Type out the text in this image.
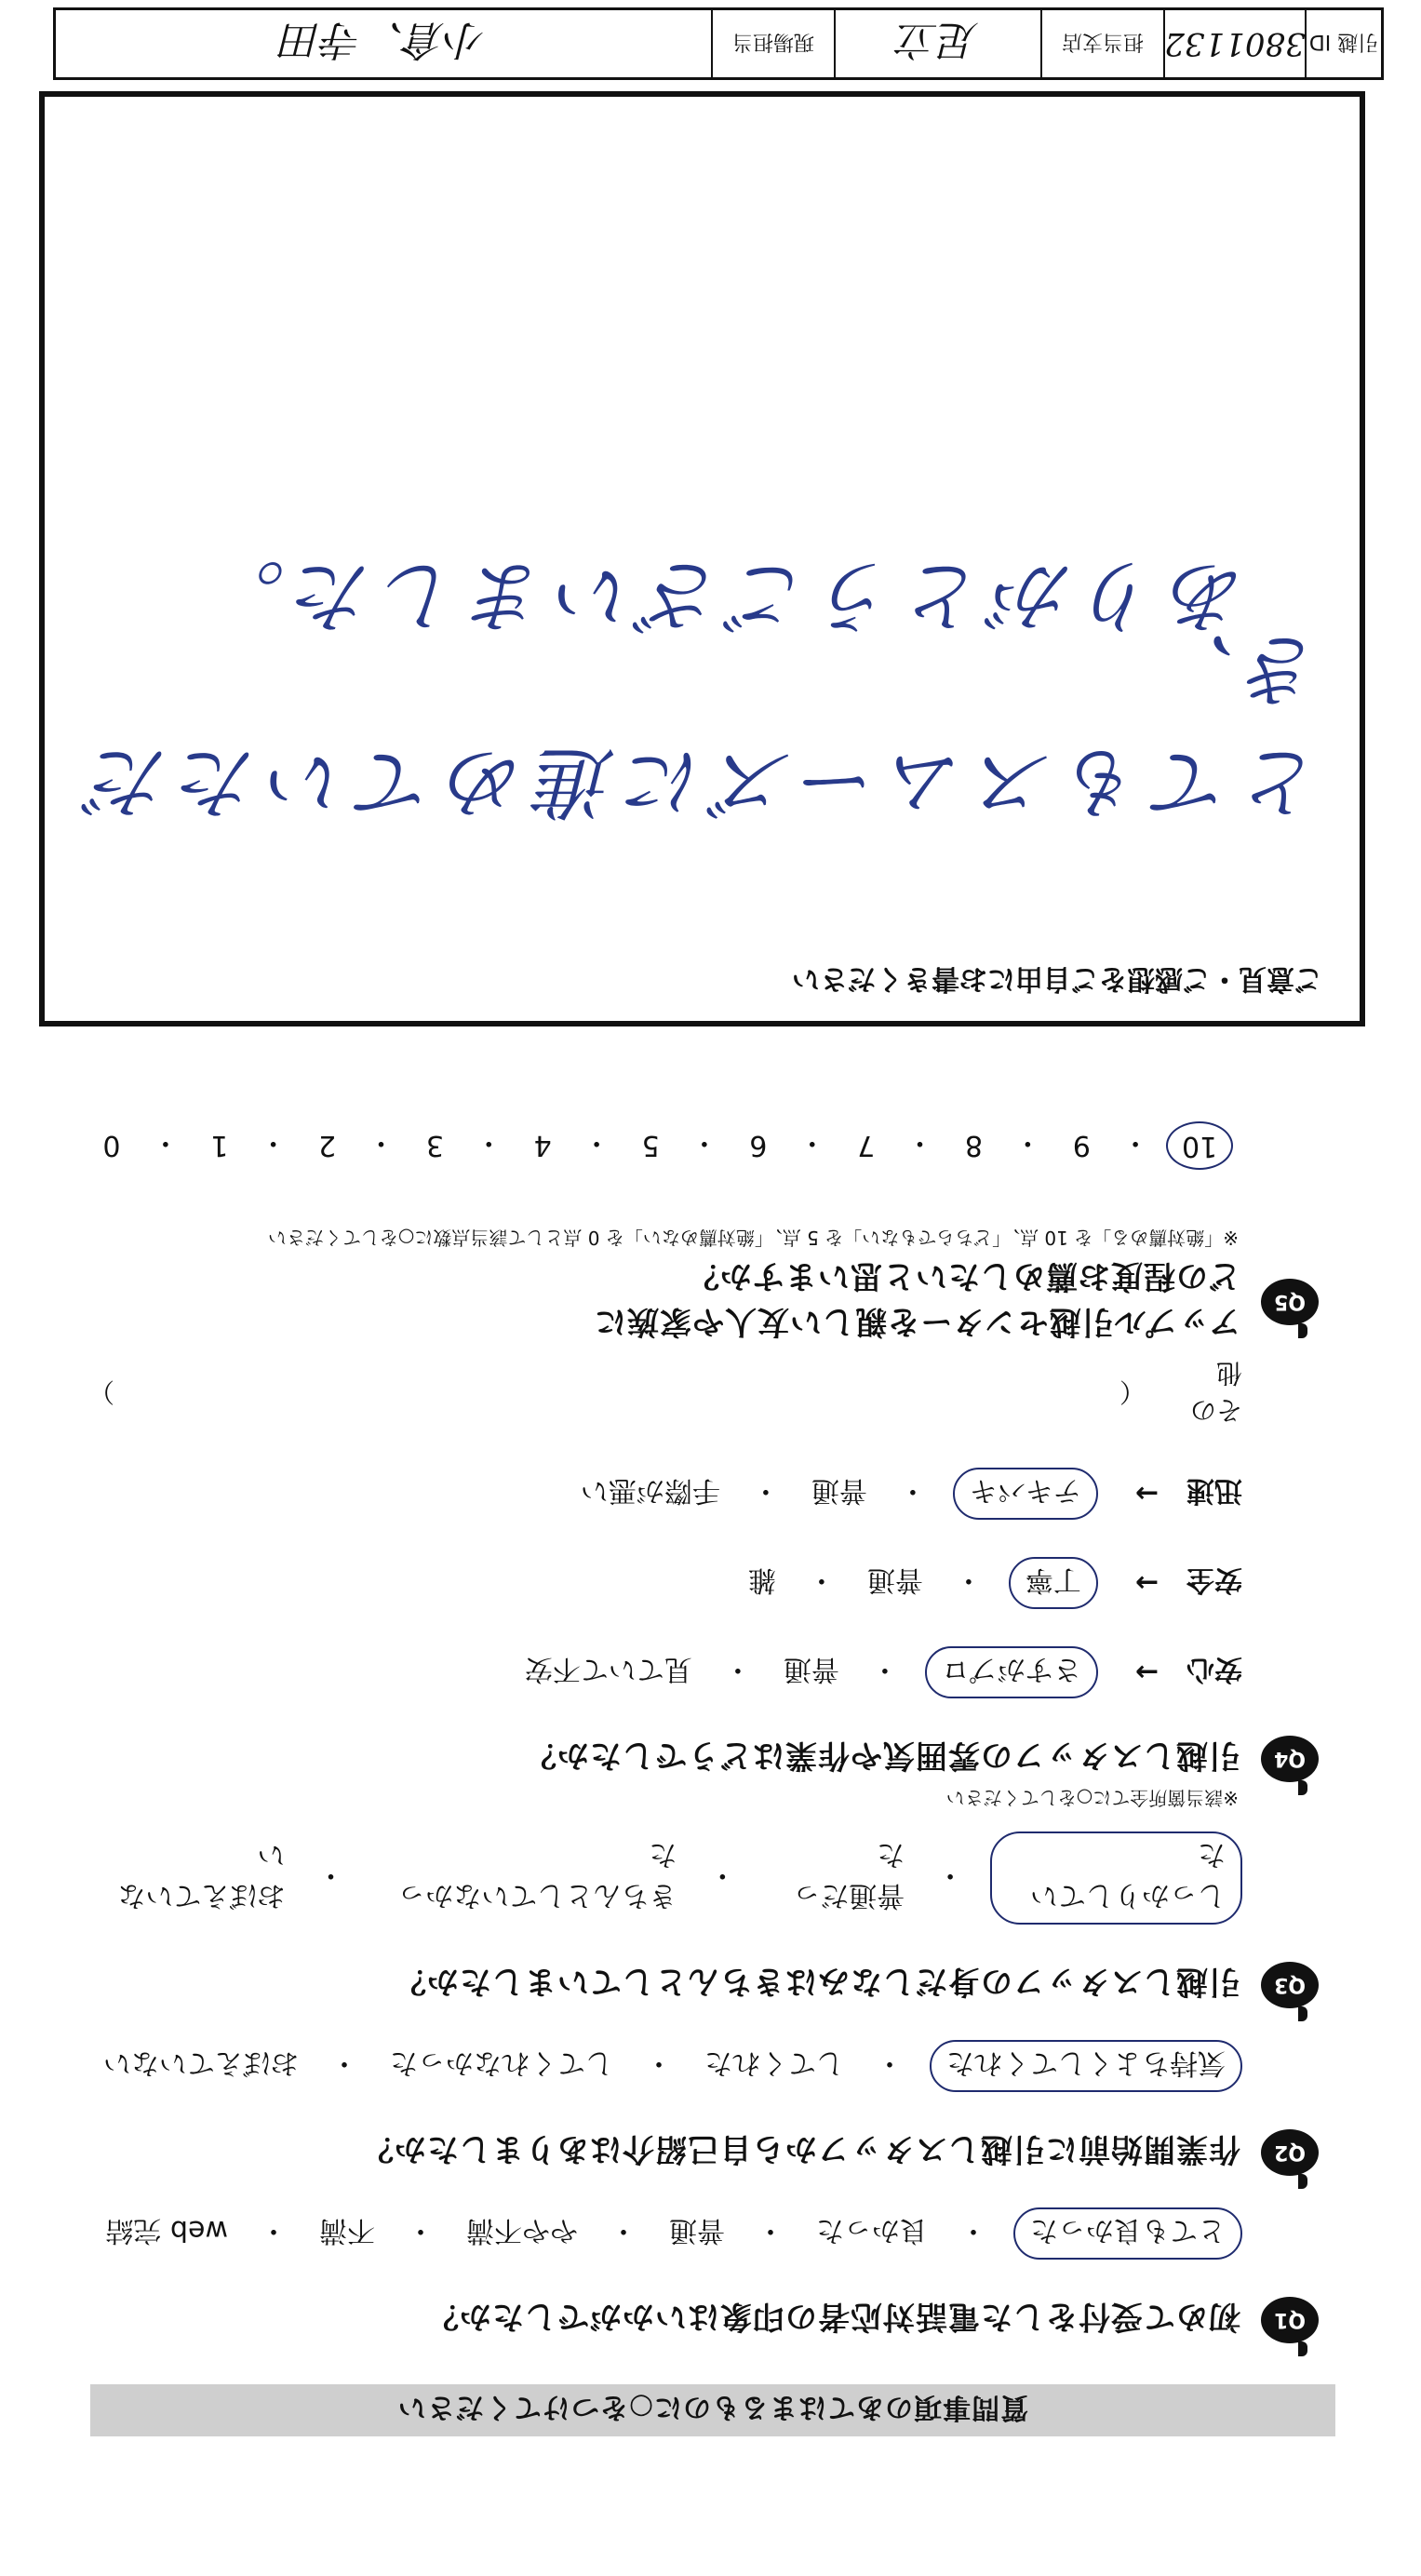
質問事項のあてはまるものに○をつけてください
Q1
初めて受付をした電話対応者の印象はいかがでしたか？
とても良かった
・
良かった
・
普通
・
やや不満
・
不満
・
web 完結
Q2
作業開始前に引越しスタッフから自己紹介はありましたか？
気持ちよくしてくれた
・
してくれた
・
してくれなかった
・
おぼえていない
Q3
引越しスタッフの身だしなみはきちんとしていましたか？
しっかりしていた
・
普通だった
・
きちんとしていなかった
・
おぼえていない
※該当箇所全てに○をしてください
Q4
引越しスタッフの雰囲気や作業はどうでしたか？
安心
→
さすがプロ
・
普通
・
見ていて不安
安全
→
丁寧
・
普通
・
雑
迅速
→
テキパキ
・
普通
・
手際が悪い
その他
（
）
Q5
アップル引越センターを親しい友人や家族に
どの程度お薦めしたいと思いますか？
※「絶対薦める」を 10 点、「どちらでもない」を 5 点、「絶対薦めない」を 0 点として該当点数に○をしてください
10
・
9
・
8
・
7
・
6
・
5
・
4
・
3
・
2
・
1
・
0
ご意見・ご感想をご自由にお書きください
とてもスムーズに進めていただき、
ありがとうございました。
引越 ID
3801132
担当支店
足立
現場担当
小倉、寺田
